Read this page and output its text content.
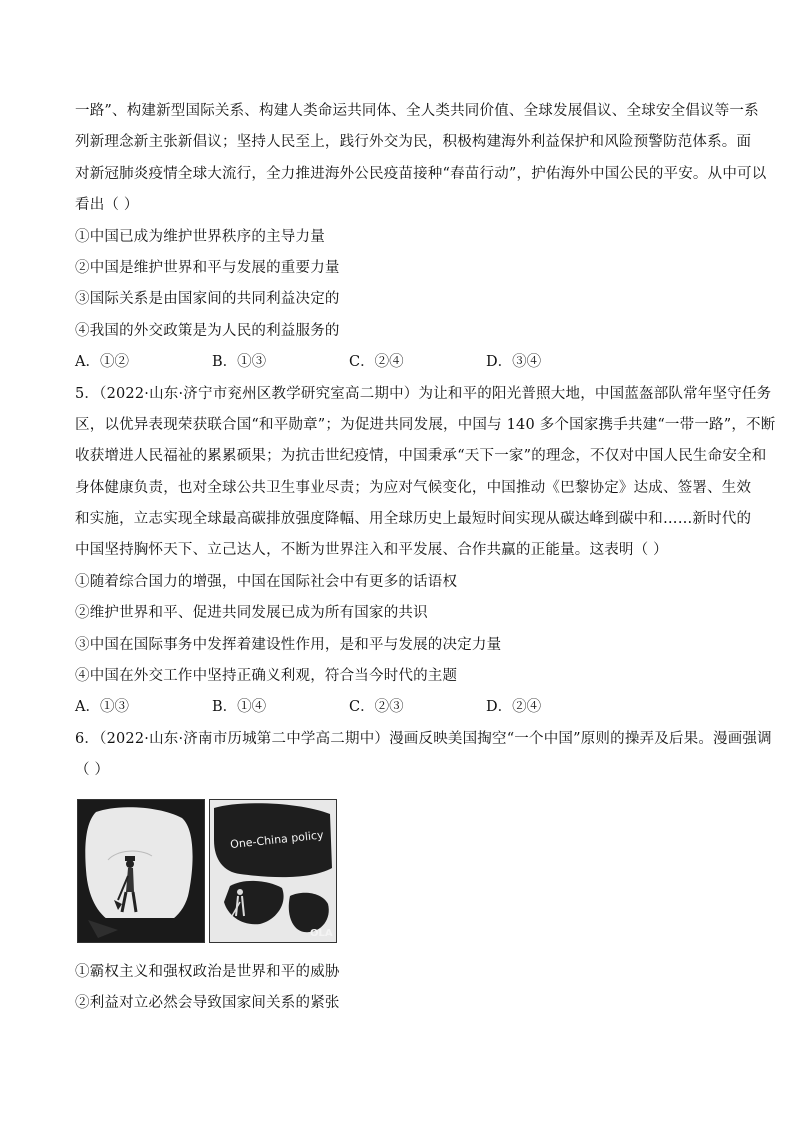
一路”、构建新型国际关系、构建人类命运共同体、全人类共同价值、全球发展倡议、全球安全倡议等一系
列新理念新主张新倡议；坚持人民至上，践行外交为民，积极构建海外利益保护和风险预警防范体系。面
对新冠肺炎疫情全球大流行，全力推进海外公民疫苗接种“春苗行动”，护佑海外中国公民的平安。从中可以
看出（ ）
①中国已成为维护世界秩序的主导力量
②中国是维护世界和平与发展的重要力量
③国际关系是由国家间的共同利益决定的
④我国的外交政策是为人民的利益服务的
A．①②	B．①③	C．②④	D．③④
5．（2022·山东·济宁市兖州区教学研究室高二期中）为让和平的阳光普照大地，中国蓝盔部队常年坚守任务
区，以优异表现荣获联合国“和平勋章”；为促进共同发展，中国与 140 多个国家携手共建“一带一路”，不断
收获增进人民福祉的累累硕果；为抗击世纪疫情，中国秉承“天下一家”的理念，不仅对中国人民生命安全和
身体健康负责，也对全球公共卫生事业尽责；为应对气候变化，中国推动《巴黎协定》达成、签署、生效
和实施，立志实现全球最高碳排放强度降幅、用全球历史上最短时间实现从碳达峰到碳中和……新时代的
中国坚持胸怀天下、立己达人，不断为世界注入和平发展、合作共赢的正能量。这表明（ ）
①随着综合国力的增强，中国在国际社会中有更多的话语权
②维护世界和平、促进共同发展已成为所有国家的共识
③中国在国际事务中发挥着建设性作用，是和平与发展的决定力量
④中国在外交工作中坚持正确义利观，符合当今时代的主题
A．①③	B．①④	C．②③	D．②④
6．（2022·山东·济南市历城第二中学高二期中）漫画反映美国掏空“一个中国”原则的操弄及后果。漫画强调
（ ）
One-China policy
OLA
①霸权主义和强权政治是世界和平的威胁
②利益对立必然会导致国家间关系的紧张
